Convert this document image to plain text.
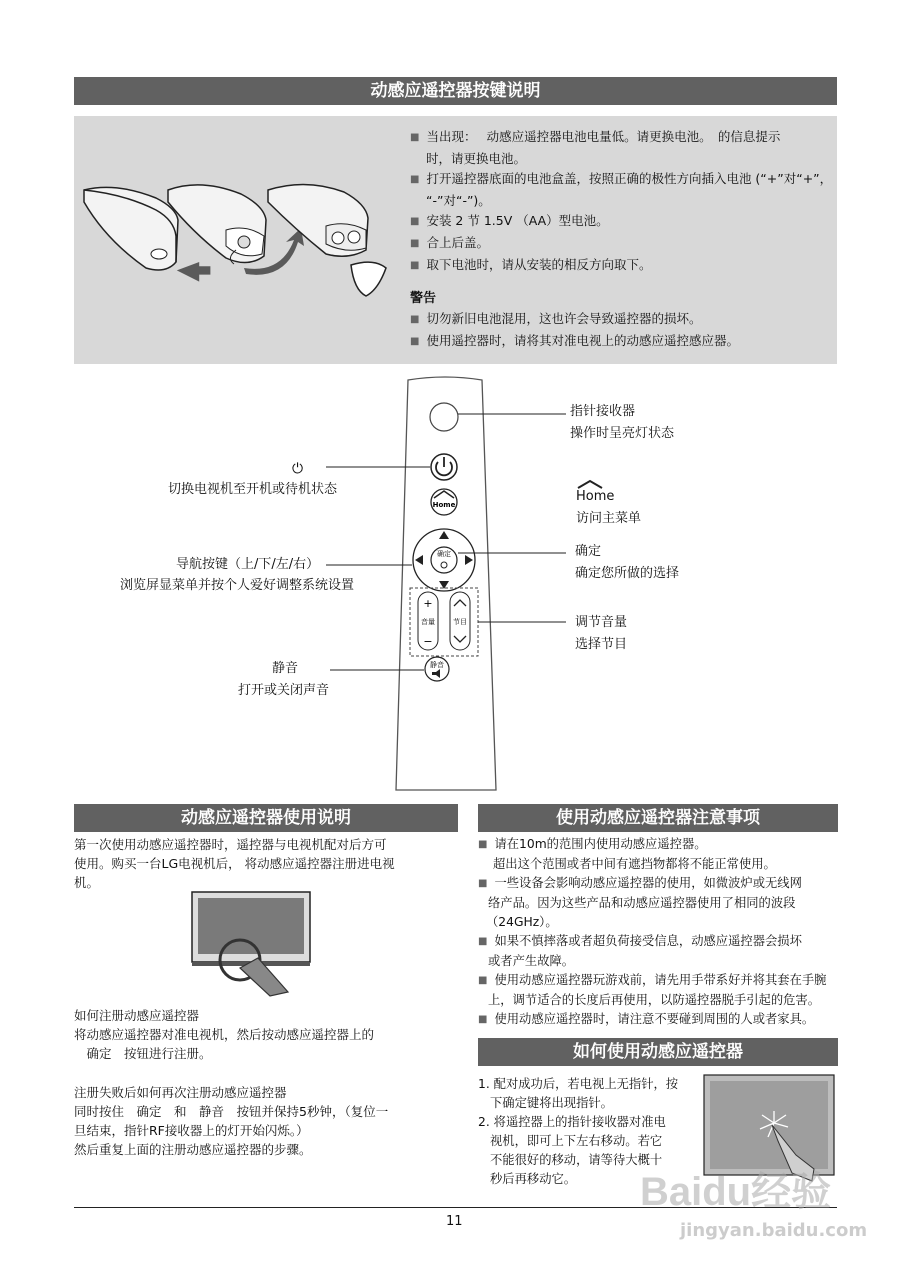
动感应遥控器按键说明
■ 当出现：　 动感应遥控器电池电量低。请更换电池。　的信息提示
时，请更换电池。
■ 打开遥控器底面的电池盒盖，按照正确的极性方向插入电池 (“+”对“+”，
“-”对“-”)。
■ 安装 2 节 1.5V （AA）型电池。
■ 合上后盖。
■ 取下电池时，请从安装的相反方向取下。
警告
■ 切勿新旧电池混用，这也许会导致遥控器的损坏。
■ 使用遥控器时，请将其对准电视上的动感应遥控感应器。
Home
确定
+
音量
−
节目
静音
指针接收器
操作时呈亮灯状态
⏻
切换电视机至开机或待机状态	Home
访问主菜单
导航按键（上/下/左/右）
浏览屏显菜单并按个人爱好调整系统设置
确定
确定您所做的选择
调节音量
选择节目
静音
打开或关闭声音
动感应遥控器使用说明
第一次使用动感应遥控器时，遥控器与电视机配对后方可
使用。购买一台LG电视机后， 将动感应遥控器注册进电视
机。
如何注册动感应遥控器
将动感应遥控器对准电视机，然后按动感应遥控器上的
　确定　按钮进行注册。
注册失败后如何再次注册动感应遥控器
同时按住　确定　和　静音　按钮并保持5秒钟，（复位一
旦结束，指针RF接收器上的灯开始闪烁。）
然后重复上面的注册动感应遥控器的步骤。
使用动感应遥控器注意事项
■ 请在10m的范围内使用动感应遥控器。
超出这个范围或者中间有遮挡物都将不能正常使用。
■ 一些设备会影响动感应遥控器的使用，如微波炉或无线网
络产品。因为这些产品和动感应遥控器使用了相同的波段
（24GHz）。
■ 如果不慎摔落或者超负荷接受信息，动感应遥控器会损坏
或者产生故障。
■ 使用动感应遥控器玩游戏前，请先用手带系好并将其套在手腕
上，调节适合的长度后再使用，以防遥控器脱手引起的危害。
■ 使用动感应遥控器时，请注意不要碰到周围的人或者家具。
如何使用动感应遥控器
1. 配对成功后，若电视上无指针，按
下确定键将出现指针。
2. 将遥控器上的指针接收器对准电
视机，即可上下左右移动。若它
不能很好的移动，请等待大概十
秒后再移动它。
11
Baidu经验
jingyan.baidu.com
